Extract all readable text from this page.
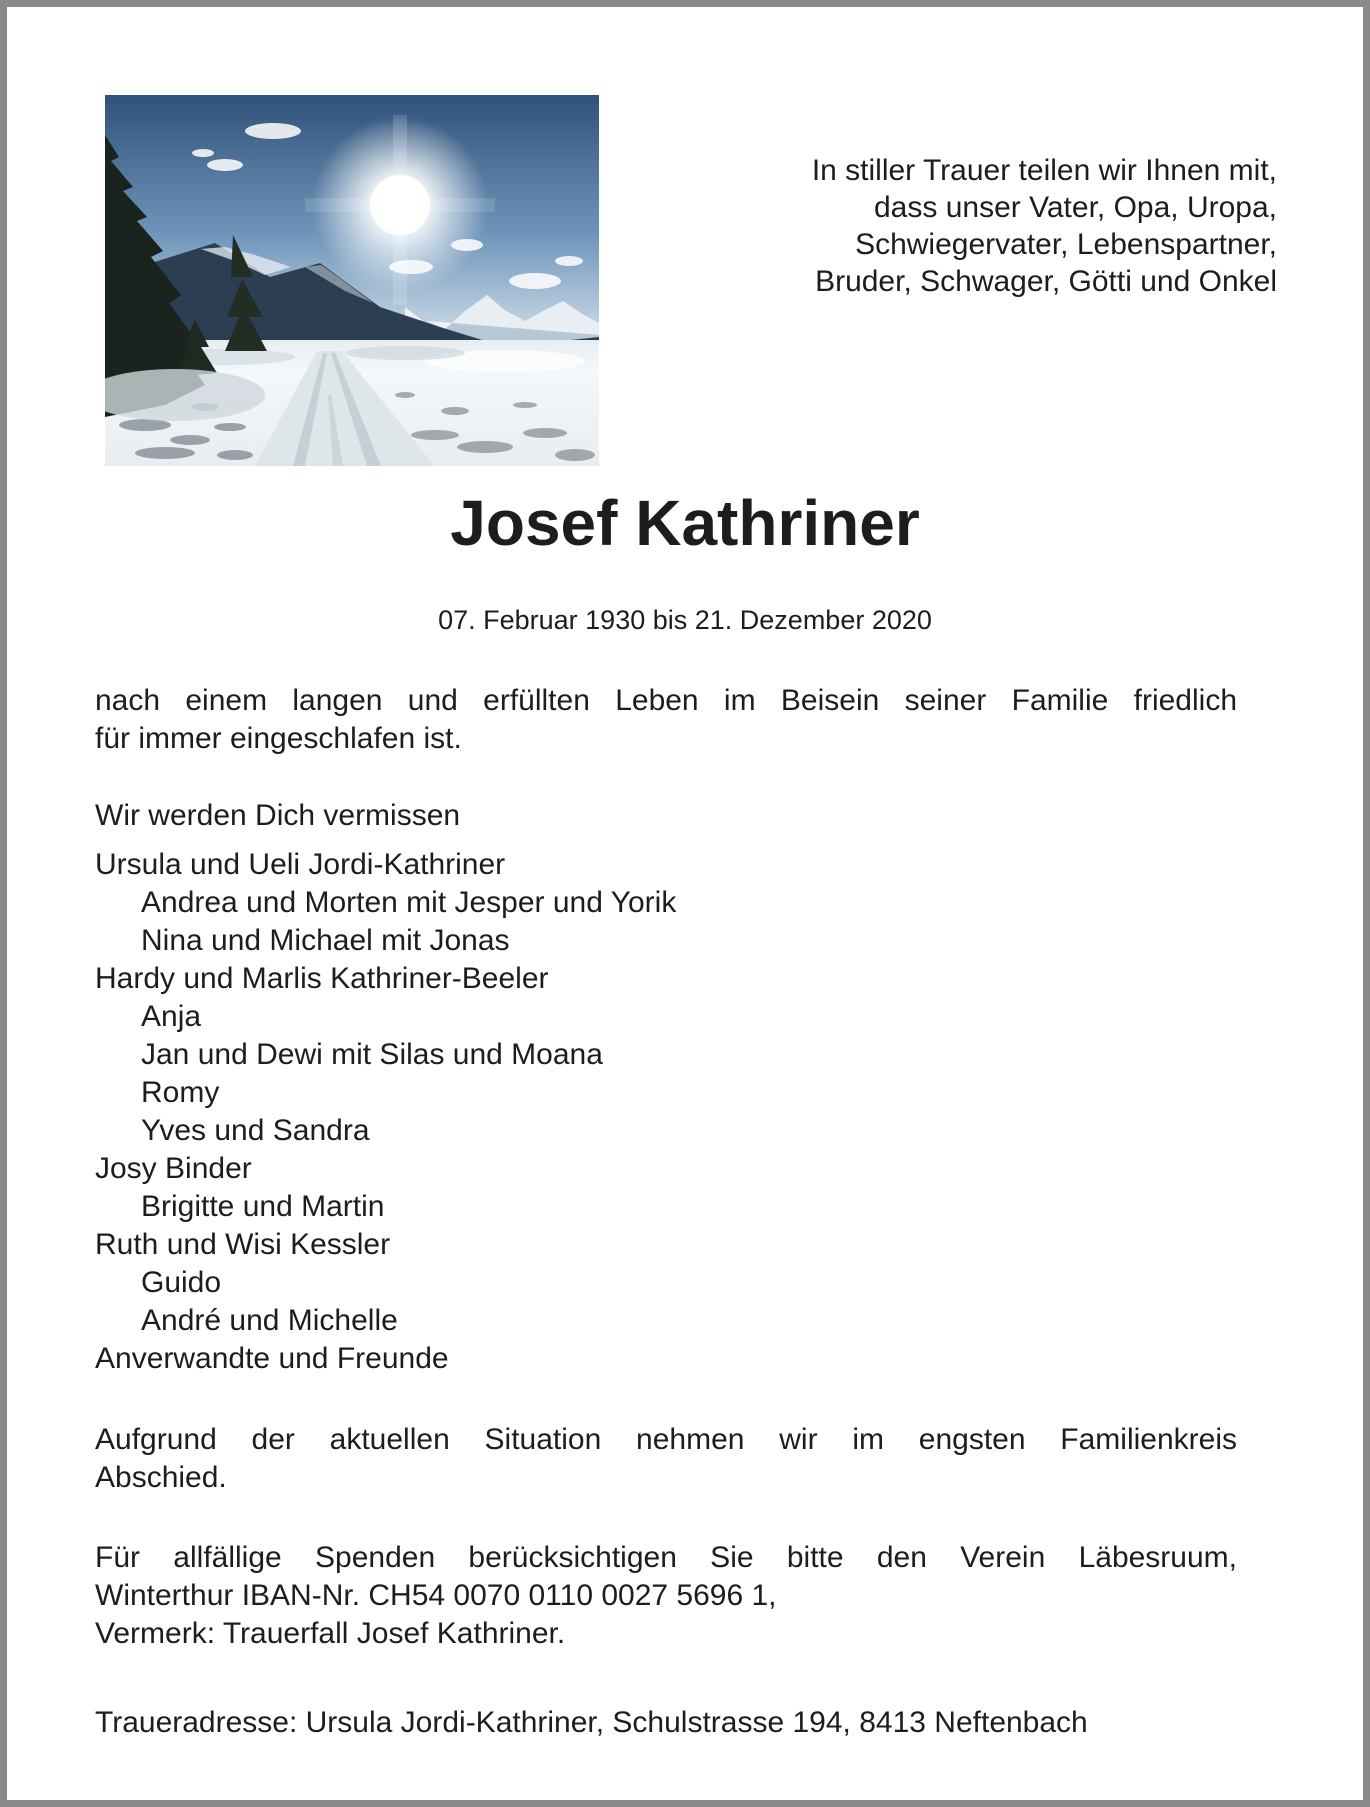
In stiller Trauer teilen wir Ihnen mit,
dass unser Vater, Opa, Uropa,
Schwiegervater, Lebenspartner,
Bruder, Schwager, Götti und Onkel
Josef Kathriner
07. Februar 1930 bis 21. Dezember 2020
nach einem langen und erfüllten Leben im Beisein seiner Familie friedlich
für immer eingeschlafen ist.
Wir werden Dich vermissen
Ursula und Ueli Jordi-Kathriner
Andrea und Morten mit Jesper und Yorik
Nina und Michael mit Jonas
Hardy und Marlis Kathriner-Beeler
Anja
Jan und Dewi mit Silas und Moana
Romy
Yves und Sandra
Josy Binder
Brigitte und Martin
Ruth und Wisi Kessler
Guido
André und Michelle
Anverwandte und Freunde
Aufgrund der aktuellen Situation nehmen wir im engsten Familienkreis
Abschied.
Für allfällige Spenden berücksichtigen Sie bitte den Verein Läbesruum,
Winterthur IBAN-Nr. CH54 0070 0110 0027 5696 1,
Vermerk: Trauerfall Josef Kathriner.
Traueradresse: Ursula Jordi-Kathriner, Schulstrasse 194, 8413 Neftenbach
